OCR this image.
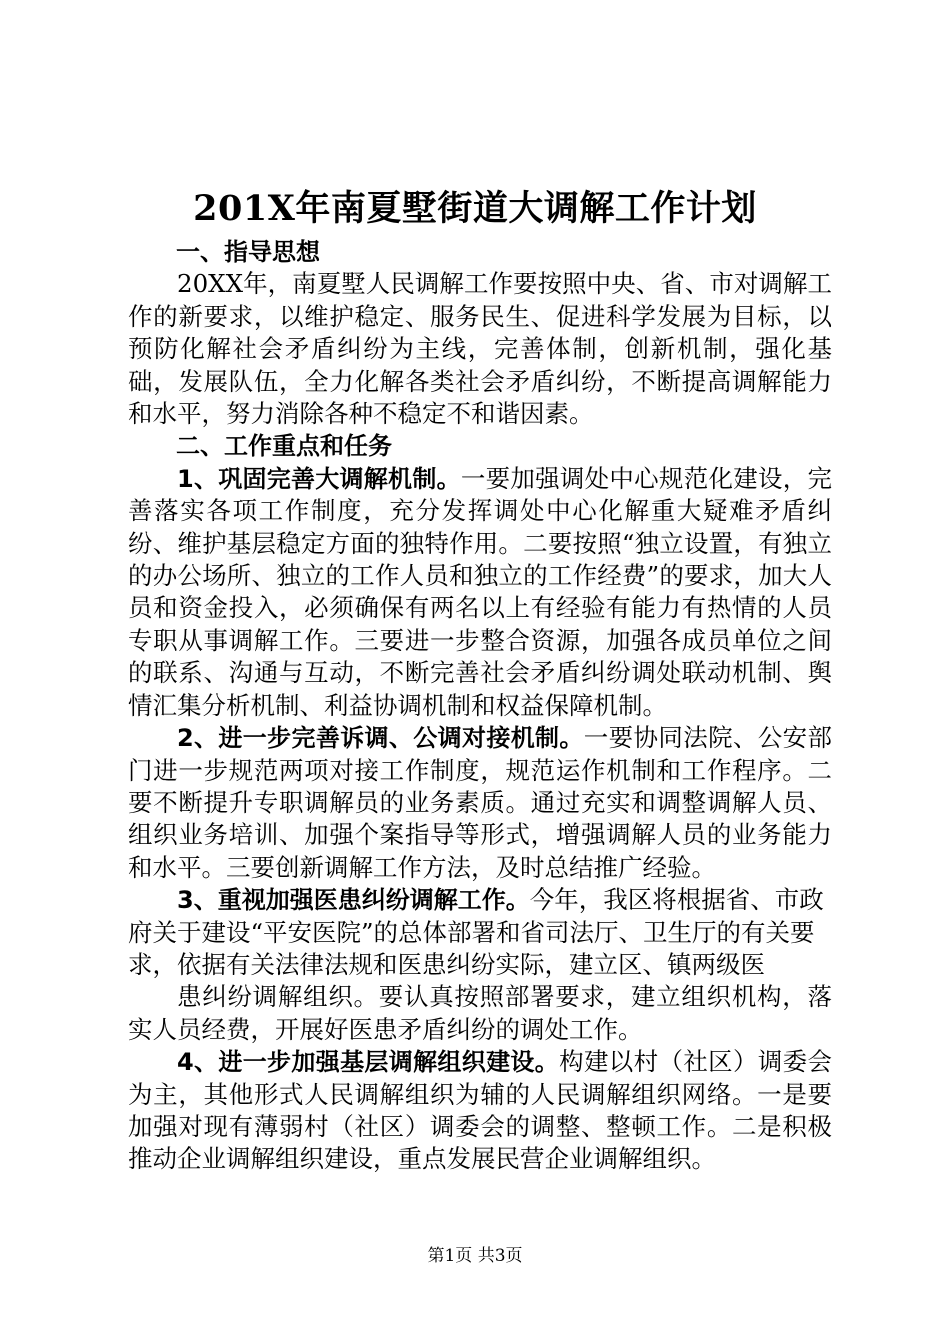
201X年南夏墅街道大调解工作计划

一、指导思想

20XX年，南夏墅人民调解工作要按照中央、省、市对调解工作的新要求，以维护稳定、服务民生、促进科学发展为目标，以预防化解社会矛盾纠纷为主线，完善体制，创新机制，强化基础，发展队伍，全力化解各类社会矛盾纠纷，不断提高调解能力和水平，努力消除各种不稳定不和谐因素。

二、工作重点和任务

1、巩固完善大调解机制。一要加强调处中心规范化建设，完善落实各项工作制度，充分发挥调处中心化解重大疑难矛盾纠纷、维护基层稳定方面的独特作用。二要按照“独立设置，有独立的办公场所、独立的工作人员和独立的工作经费”的要求，加大人员和资金投入，必须确保有两名以上有经验有能力有热情的人员专职从事调解工作。三要进一步整合资源，加强各成员单位之间的联系、沟通与互动，不断完善社会矛盾纠纷调处联动机制、舆情汇集分析机制、利益协调机制和权益保障机制。

2、进一步完善诉调、公调对接机制。一要协同法院、公安部门进一步规范两项对接工作制度，规范运作机制和工作程序。二要不断提升专职调解员的业务素质。通过充实和调整调解人员、组织业务培训、加强个案指导等形式，增强调解人员的业务能力和水平。三要创新调解工作方法，及时总结推广经验。

3、重视加强医患纠纷调解工作。今年，我区将根据省、市政府关于建设“平安医院”的总体部署和省司法厅、卫生厅的有关要求，依据有关法律法规和医患纠纷实际，建立区、镇两级医

患纠纷调解组织。要认真按照部署要求，建立组织机构，落实人员经费，开展好医患矛盾纠纷的调处工作。

4、进一步加强基层调解组织建设。构建以村（社区）调委会为主，其他形式人民调解组织为辅的人民调解组织网络。一是要加强对现有薄弱村（社区）调委会的调整、整顿工作。二是积极推动企业调解组织建设，重点发展民营企业调解组织。

第1页 共3页
